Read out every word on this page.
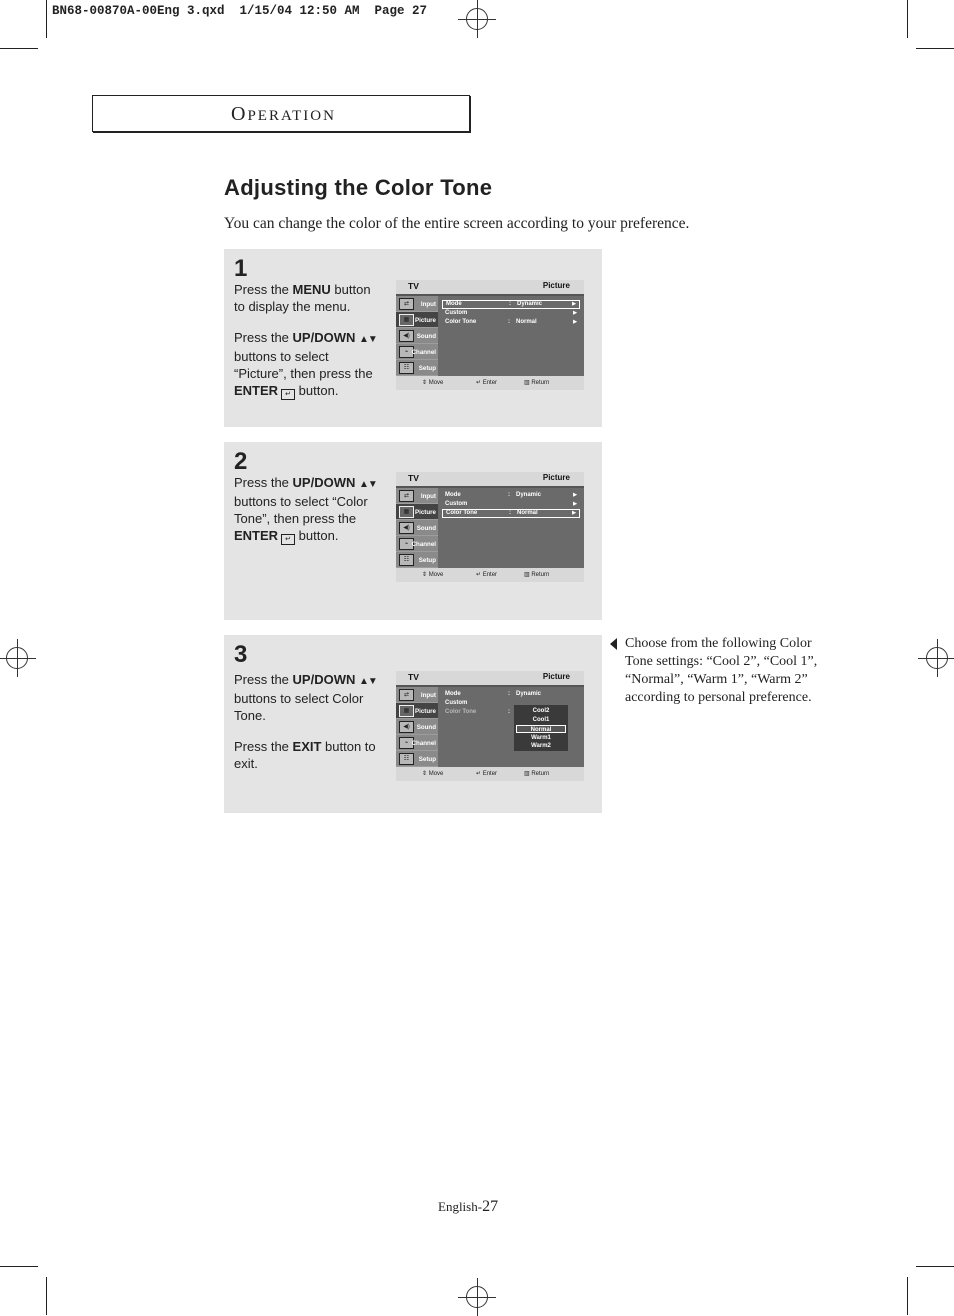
BN68-00870A-00Eng 3.qxd  1/15/04 12:50 AM  Page 27
OPERATION
Adjusting the Color Tone
You can change the color of the entire screen according to your preference.
1

Press the MENU button to display the menu.

Press the UP/DOWN ▲▼ buttons to select “Picture”, then press the ENTER ↵ button.

TV	Picture
⇄	Input
▦ Picture
◀)	Sound
⌁ Channel
☷	Setup
Mode	: Dynamic	▶
Custom	▶
Color Tone	: Normal	▶
⇕ Move	↵ Enter	▥ Return
2

Press the UP/DOWN ▲▼ buttons to select “Color Tone”, then press the ENTER ↵ button.

TV	Picture
⇄	Input
▦ Picture
◀)	Sound
⌁ Channel
☷	Setup
Mode	: Dynamic	▶
Custom	▶
Color Tone	: Normal	▶
⇕ Move	↵ Enter	▥ Return
3

Press the UP/DOWN ▲▼ buttons to select Color Tone.

Press the EXIT button to exit.

TV	Picture
⇄	Input
▦ Picture
◀)	Sound
⌁ Channel
☷	Setup
Mode	: Dynamic
Custom
Color Tone	:	Cool2
Cool1
Normal
Warm1
Warm2
⇕ Move	↵ Enter	▥ Return
Choose from the following Color Tone settings: “Cool 2”, “Cool 1”, “Normal”, “Warm 1”, “Warm 2” according to personal preference.
English-27
